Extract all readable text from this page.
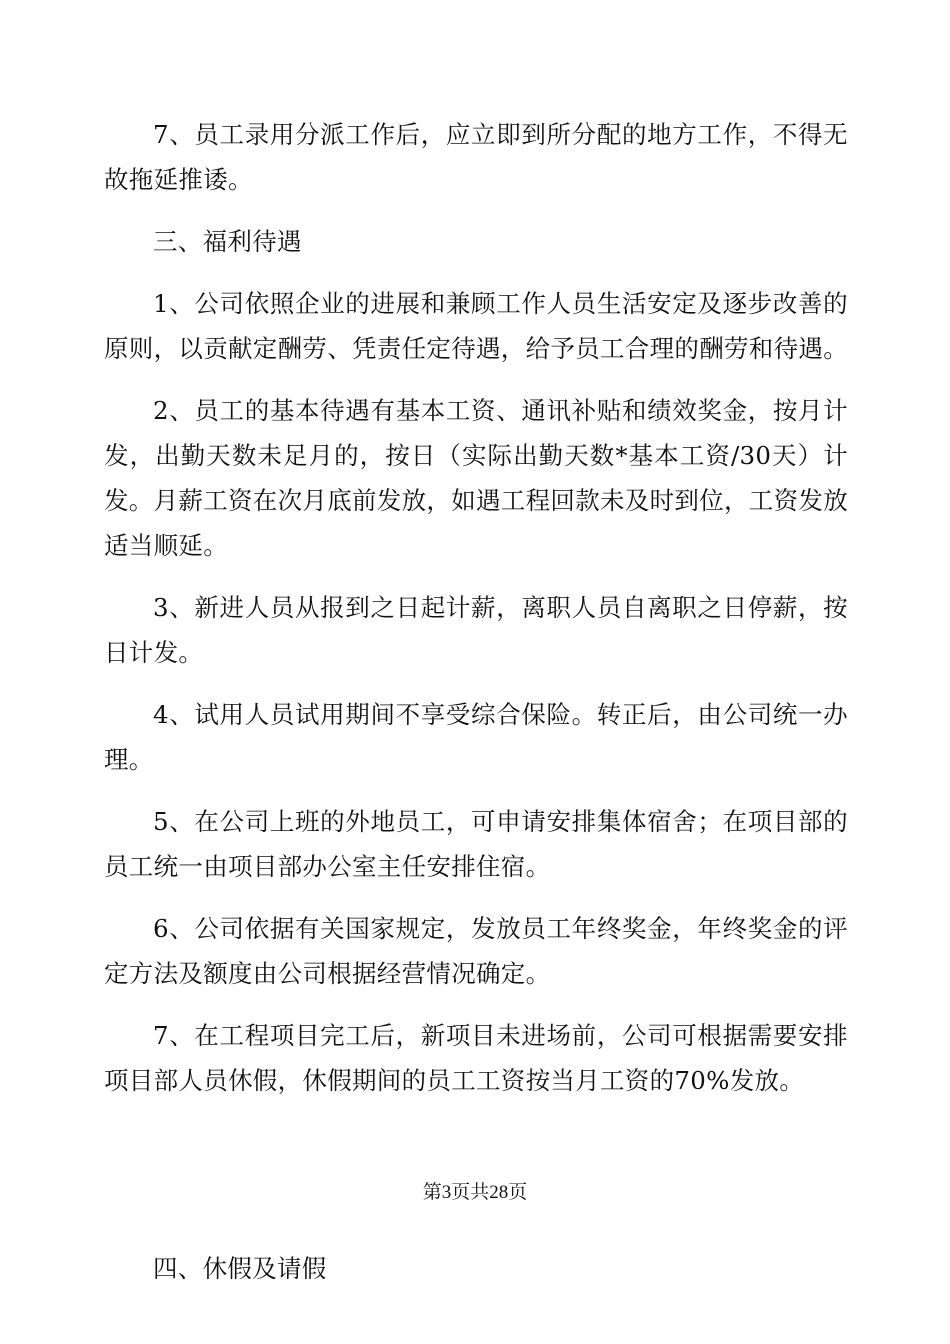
7、员工录用分派工作后，应立即到所分配的地方工作，不得无故拖延推诿。

三、福利待遇

1、公司依照企业的进展和兼顾工作人员生活安定及逐步改善的原则，以贡献定酬劳、凭责任定待遇，给予员工合理的酬劳和待遇。

2、员工的基本待遇有基本工资、通讯补贴和绩效奖金，按月计发，出勤天数未足月的，按日（实际出勤天数*基本工资/30天）计发。月薪工资在次月底前发放，如遇工程回款未及时到位，工资发放适当顺延。

3、新进人员从报到之日起计薪，离职人员自离职之日停薪，按日计发。

4、试用人员试用期间不享受综合保险。转正后，由公司统一办理。

5、在公司上班的外地员工，可申请安排集体宿舍；在项目部的员工统一由项目部办公室主任安排住宿。

6、公司依据有关国家规定，发放员工年终奖金，年终奖金的评定方法及额度由公司根据经营情况确定。

7、在工程项目完工后，新项目未进场前，公司可根据需要安排项目部人员休假，休假期间的员工工资按当月工资的70%发放。

第3页共28页

四、休假及请假
